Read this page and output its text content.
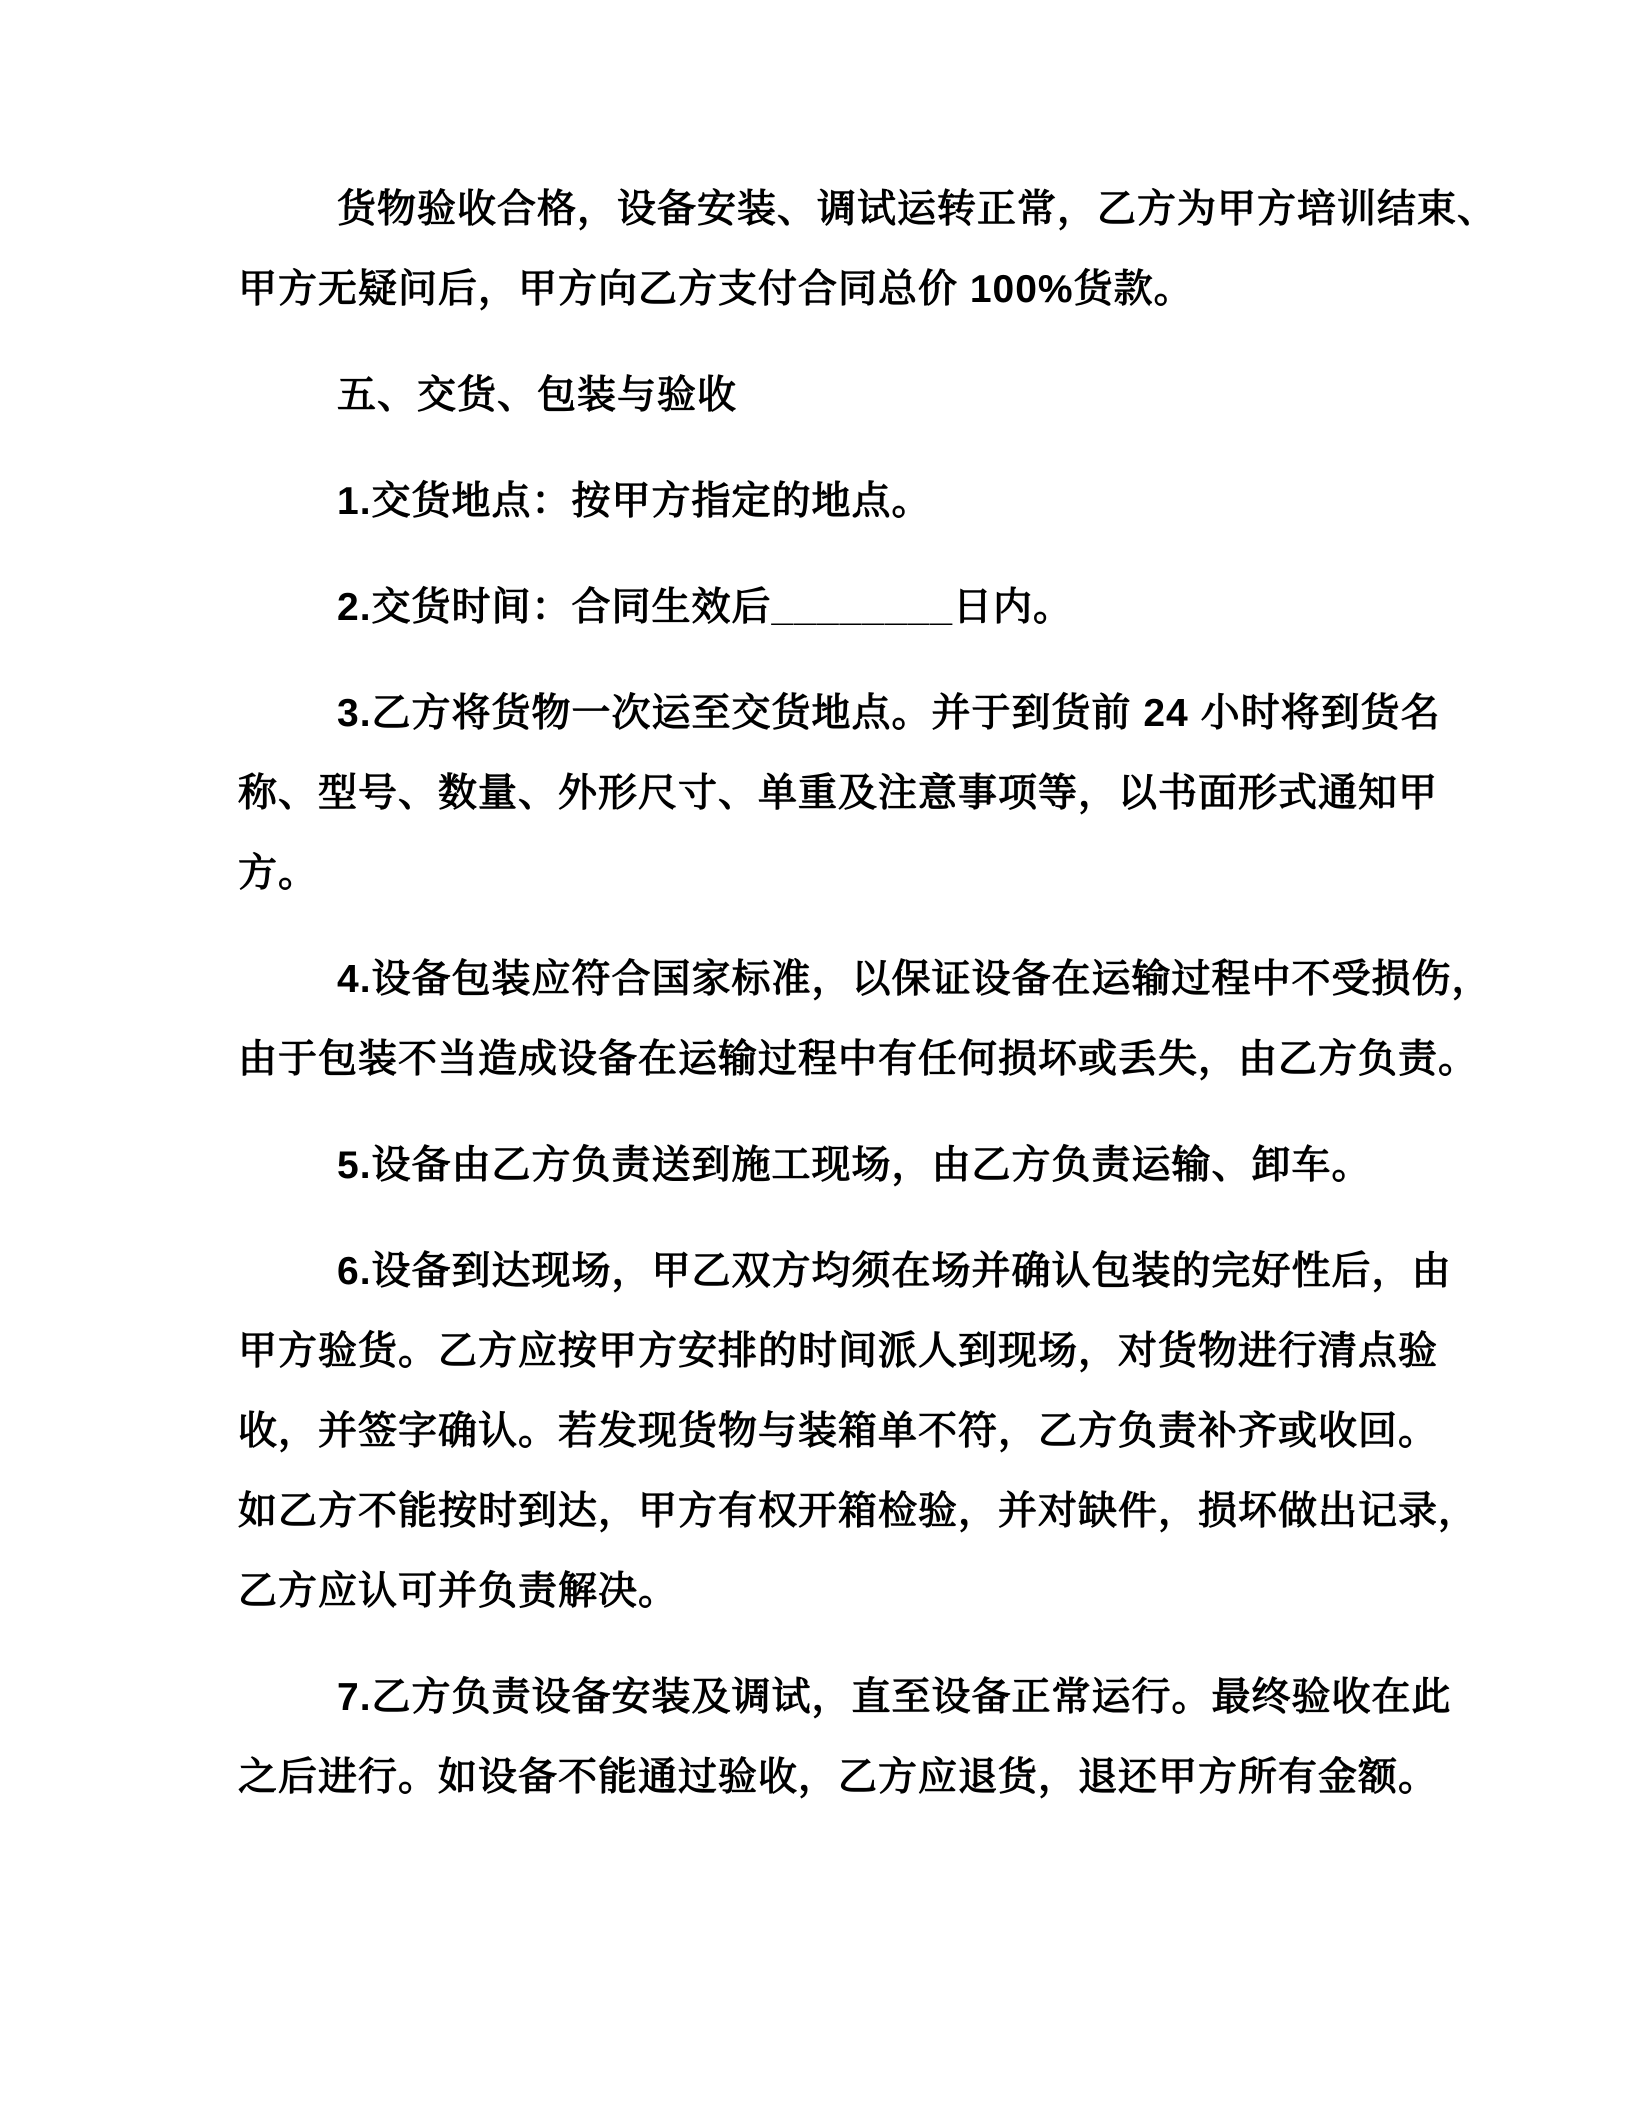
货物验收合格，设备安装、调试运转正常，乙方为甲方培训结束、
甲方无疑问后，甲方向乙方支付合同总价 100%货款。

五、交货、包装与验收

1.交货地点：按甲方指定的地点。

2.交货时间：合同生效后________日内。

3.乙方将货物一次运至交货地点。并于到货前 24 小时将到货名
称、型号、数量、外形尺寸、单重及注意事项等，以书面形式通知甲
方。

4.设备包装应符合国家标准，以保证设备在运输过程中不受损伤，
由于包装不当造成设备在运输过程中有任何损坏或丢失，由乙方负责。

5.设备由乙方负责送到施工现场，由乙方负责运输、卸车。

6.设备到达现场，甲乙双方均须在场并确认包装的完好性后，由
甲方验货。乙方应按甲方安排的时间派人到现场，对货物进行清点验
收，并签字确认。若发现货物与装箱单不符，乙方负责补齐或收回。
如乙方不能按时到达，甲方有权开箱检验，并对缺件，损坏做出记录，
乙方应认可并负责解决。

7.乙方负责设备安装及调试，直至设备正常运行。最终验收在此
之后进行。如设备不能通过验收，乙方应退货，退还甲方所有金额。
